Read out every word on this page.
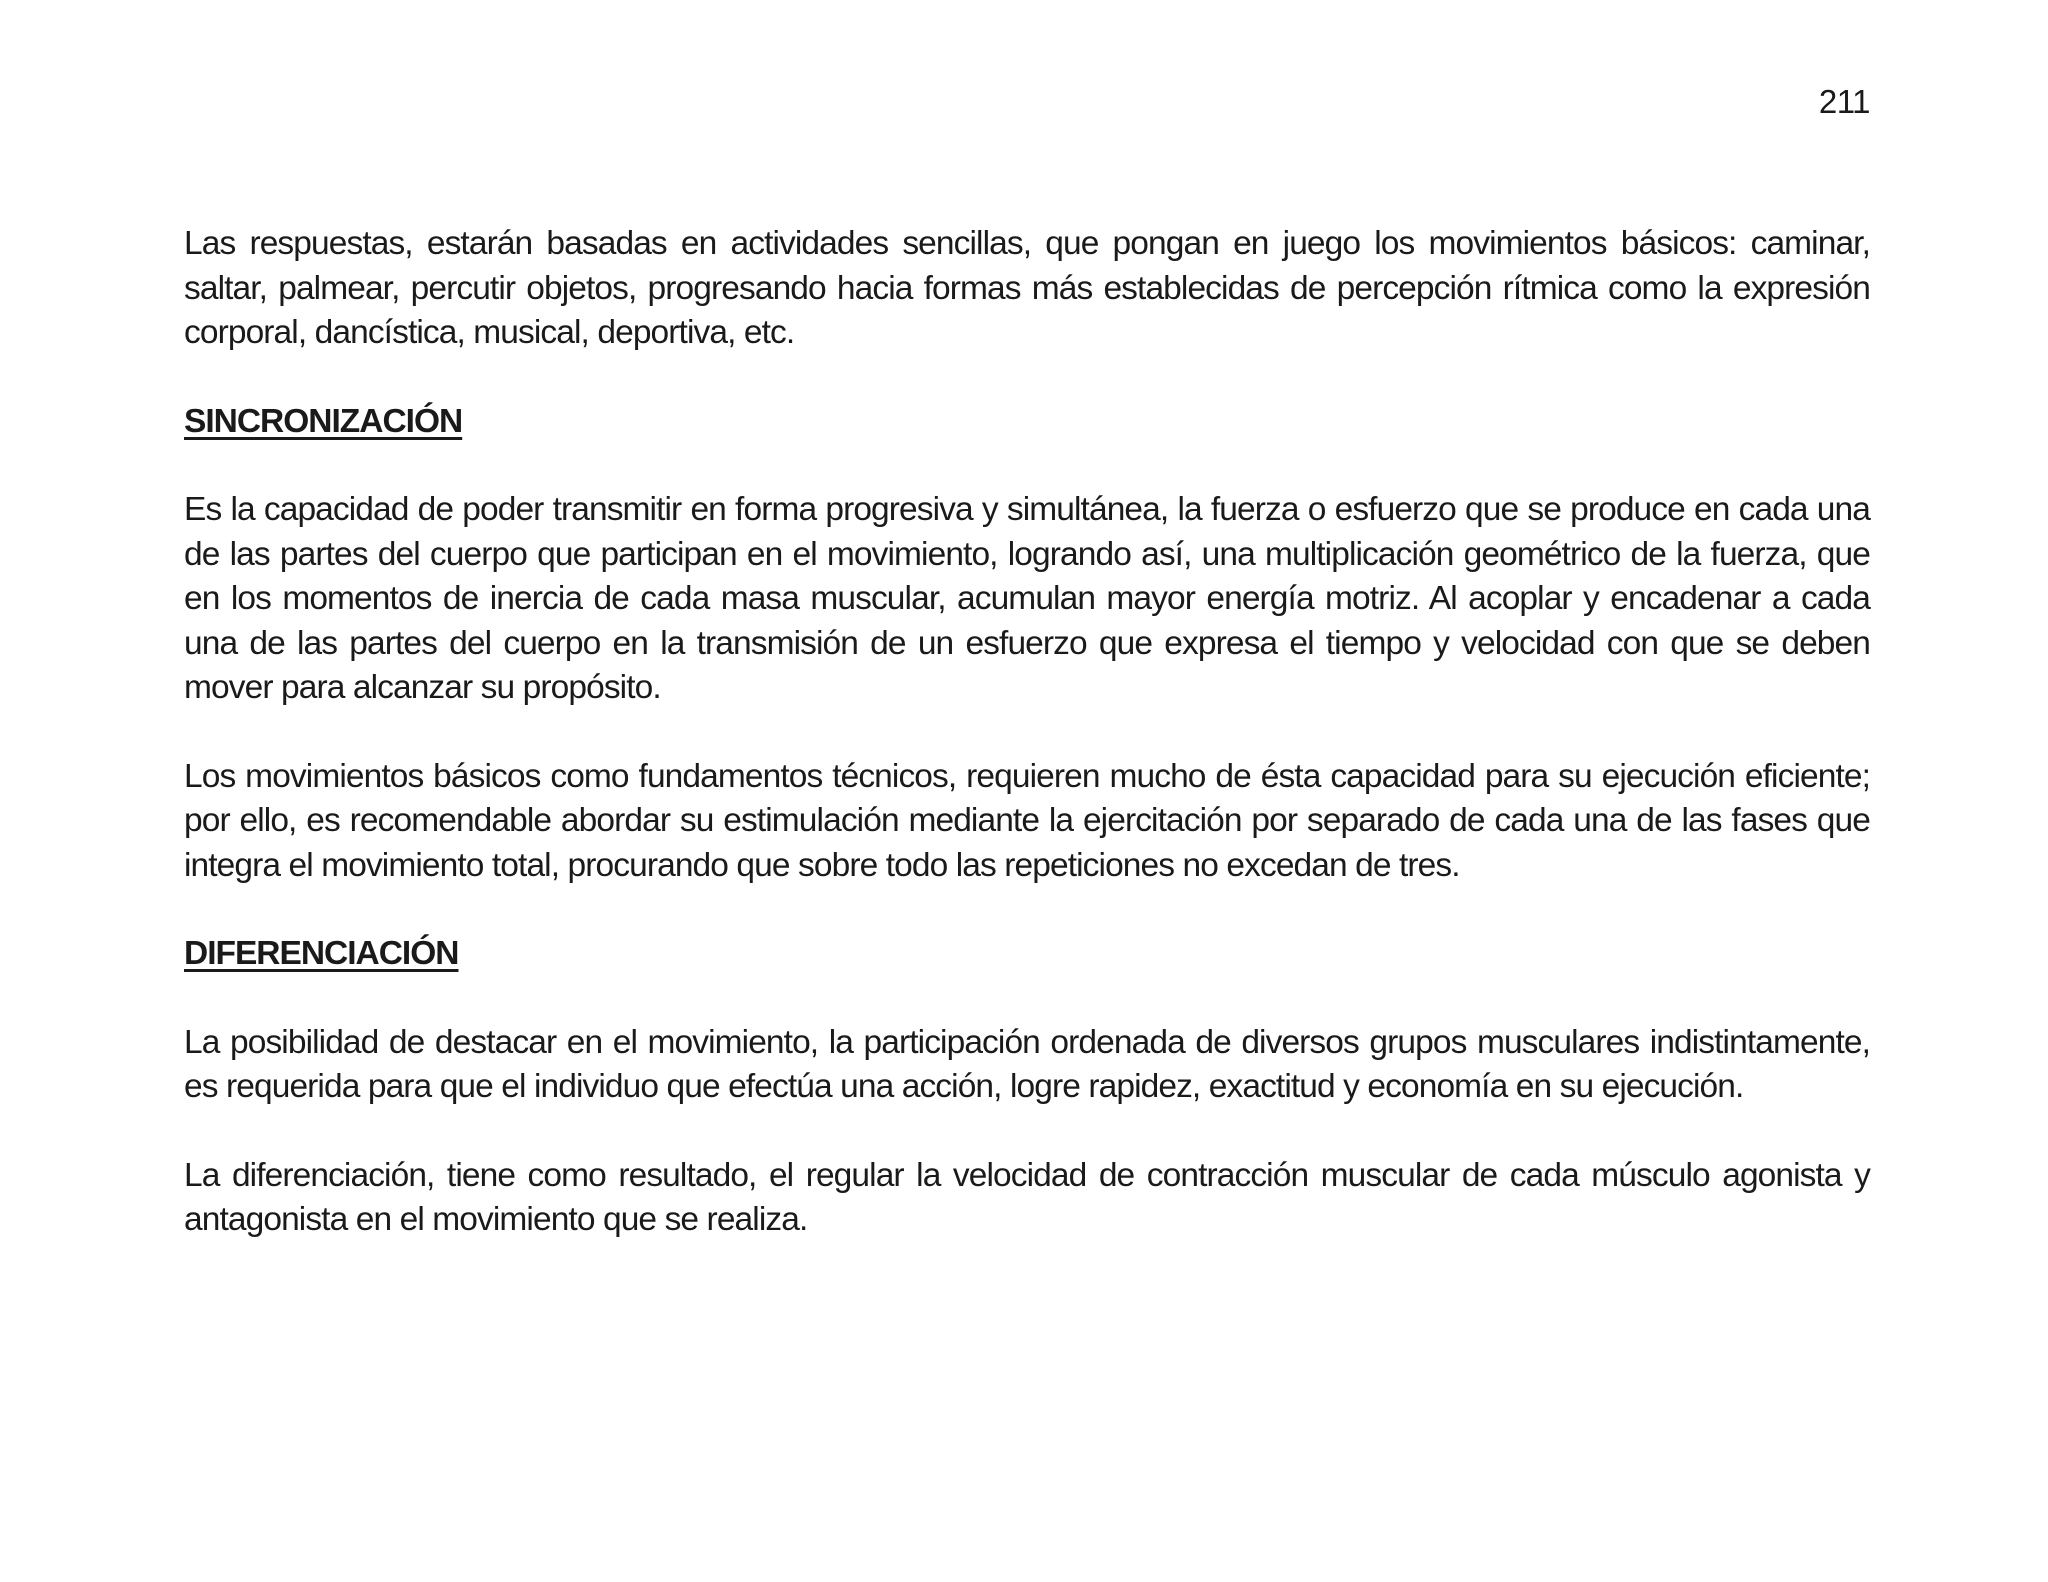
211

Las respuestas, estarán basadas en actividades sencillas, que pongan en juego los movimientos básicos: caminar, saltar, palmear, percutir objetos, progresando hacia formas más establecidas de percepción rítmica como la expresión corporal, dancística, musical, deportiva, etc.

SINCRONIZACIÓN

Es la capacidad de poder transmitir en forma progresiva y simultánea, la fuerza o esfuerzo que se produce en cada una de las partes del cuerpo que participan en el movimiento, logrando así, una multiplicación geométrico de la fuerza, que en los momentos de inercia de cada masa muscular, acumulan mayor energía motriz. Al acoplar y encadenar a cada una de las partes del cuerpo en la transmisión de un esfuerzo que expresa el tiempo y velocidad con que se deben mover para alcanzar su propósito.

Los movimientos básicos como fundamentos técnicos, requieren mucho de ésta capacidad para su ejecución eficiente; por ello, es recomendable abordar su estimulación mediante la ejercitación por separado de cada una de las fases que integra el movimiento total, procurando que sobre todo las repeticiones no excedan de tres.

DIFERENCIACIÓN

La posibilidad de destacar en el movimiento, la participación ordenada de diversos grupos musculares indistintamente, es requerida para que el individuo que efectúa una acción, logre rapidez, exactitud y economía en su ejecución.

La diferenciación, tiene como resultado, el regular la velocidad de contracción muscular de cada músculo agonista y antagonista en el movimiento que se realiza.
